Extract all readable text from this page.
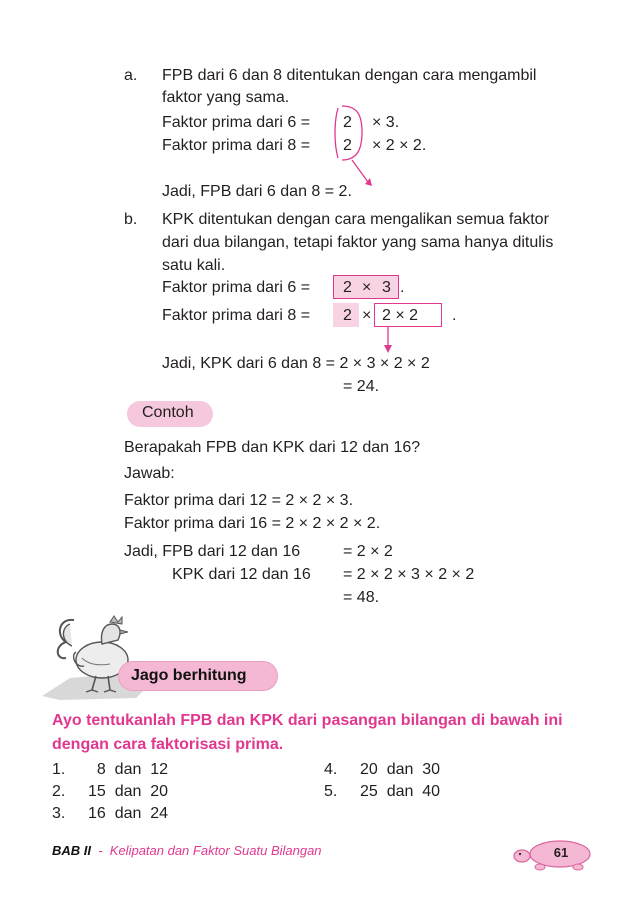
a. FPB dari 6 dan 8 ditentukan dengan cara mengambil
faktor yang sama.
Faktor prima dari 6 = 2 × 3.
Faktor prima dari 8 = 2 × 2 × 2.
Jadi, FPB dari 6 dan 8 = 2.
b. KPK ditentukan dengan cara mengalikan semua faktor
dari dua bilangan, tetapi faktor yang sama hanya ditulis
satu kali.
Faktor prima dari 6 = 2 × 3 .
Faktor prima dari 8 = 2 × 2 × 2 .
Jadi, KPK dari 6 dan 8 = 2 × 3 × 2 × 2
= 24.
Contoh
Berapakah FPB dan KPK dari 12 dan 16?
Jawab:
Faktor prima dari 12 = 2 × 2 × 3.
Faktor prima dari 16 = 2 × 2 × 2 × 2.
Jadi, FPB dari 12 dan 16	= 2 × 2
KPK dari 12 dan 16 = 2 × 2 × 3 × 2 × 2
= 48.
Jago berhitung
Ayo tentukanlah FPB dan KPK dari pasangan bilangan di bawah ini dengan cara faktorisasi prima.
1. 8  dan  12
2. 15  dan  20
3. 16  dan  24
4. 20  dan  30
5. 25  dan  40
BAB II  -  Kelipatan dan Faktor Suatu Bilangan	61
